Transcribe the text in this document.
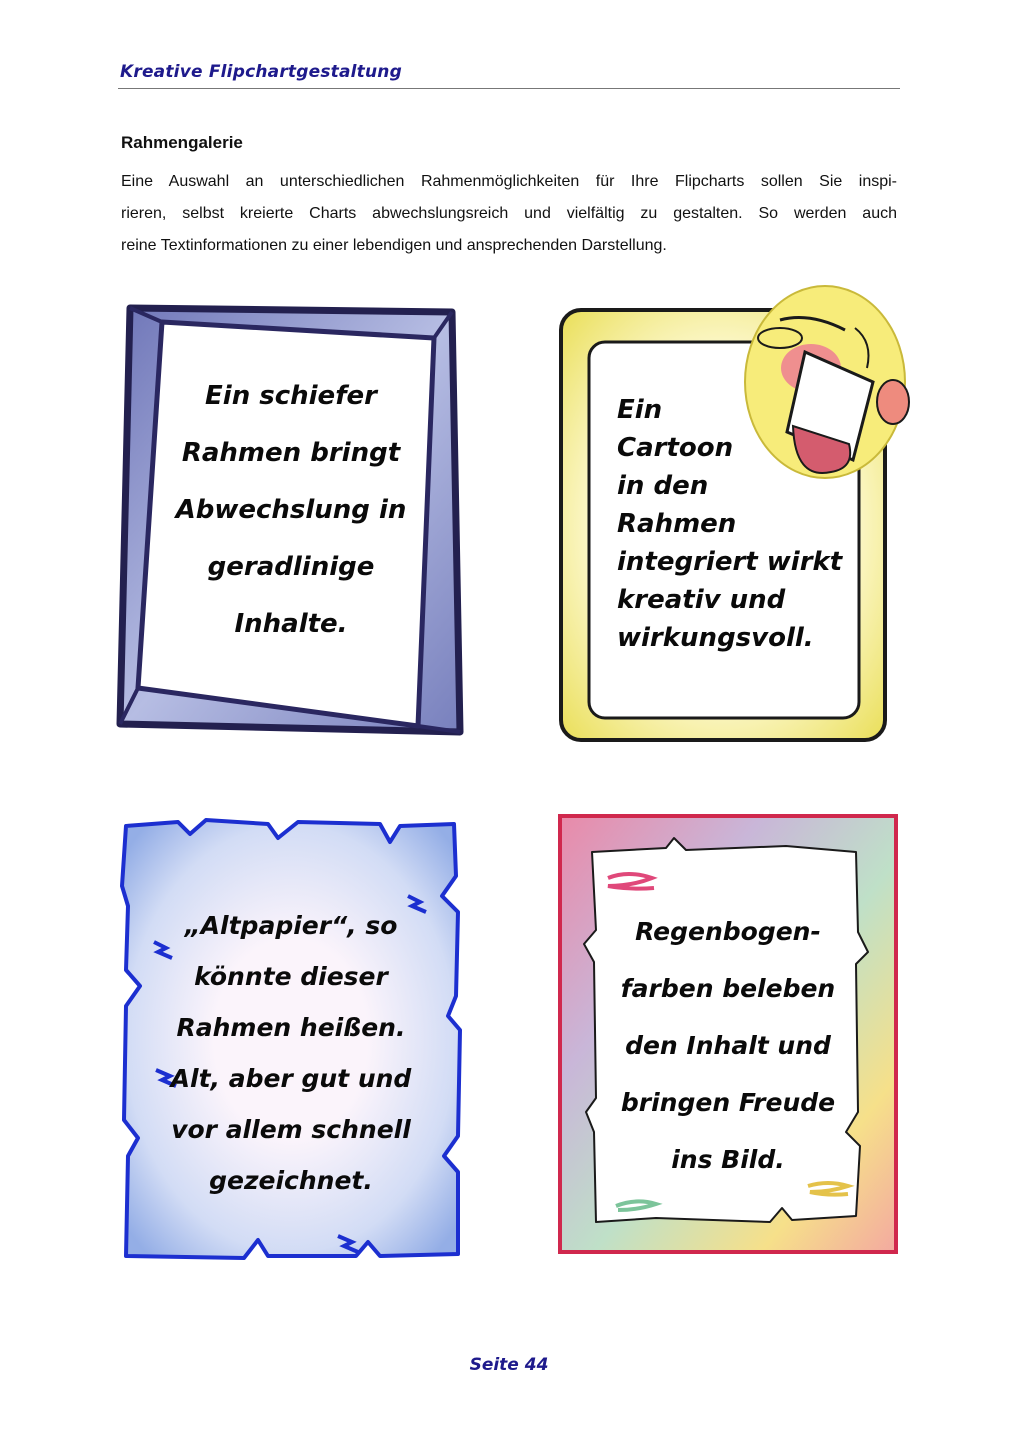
Kreative Flipchartgestaltung
Rahmengalerie

Eine Auswahl an unterschiedlichen Rahmenmöglichkeiten für Ihre Flipcharts sollen Sie inspi-
rieren, selbst kreierte Charts abwechslungsreich und vielfältig zu gestalten. So werden auch
reine Textinformationen zu einer lebendigen und ansprechenden Darstellung.

Ein schiefer
Rahmen bringt
Abwechslung in
geradlinige
Inhalte.
Ein
Cartoon
in den
Rahmen
integriert wirkt
kreativ und
wirkungsvoll.
„Altpapier“, so
könnte dieser
Rahmen heißen.
Alt, aber gut und
vor allem schnell
gezeichnet.
Regenbogen-
farben beleben
den Inhalt und
bringen Freude
ins Bild.
Seite 44
